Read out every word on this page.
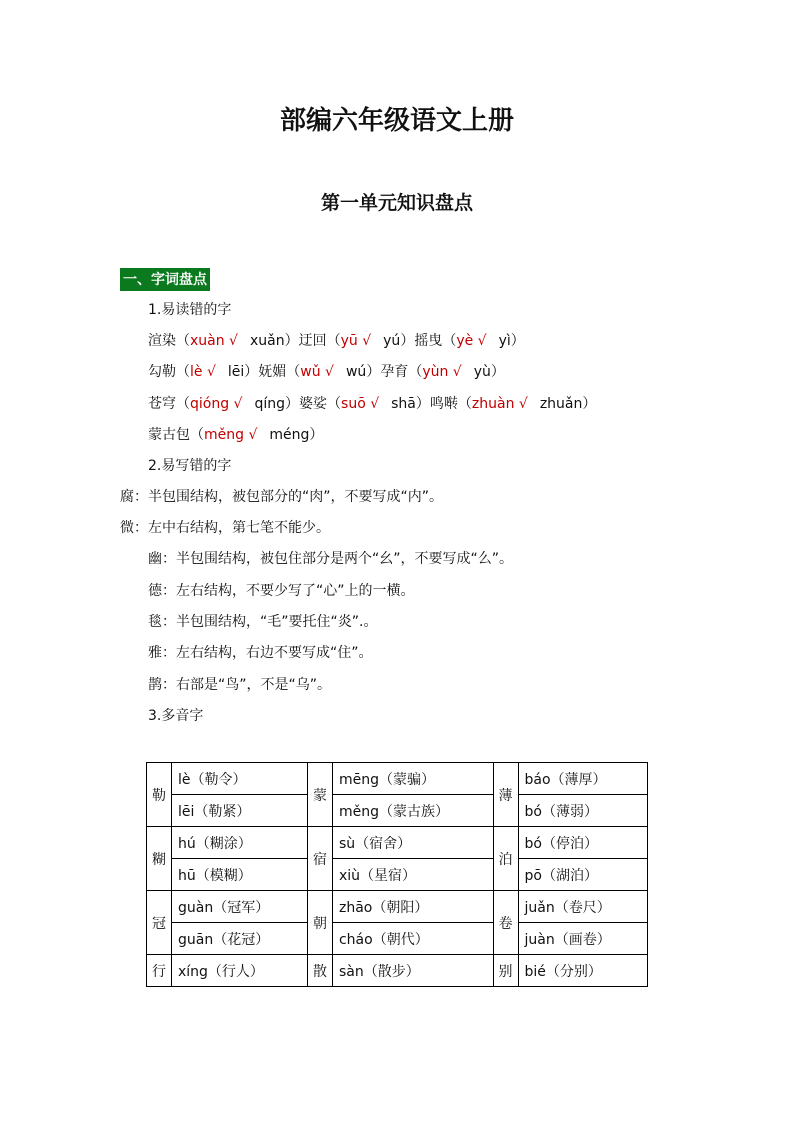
部编六年级语文上册
第一单元知识盘点
一、字词盘点
1.易读错的字
渲染（xuàn √ xuǎn）迂回（yū √ yú）摇曳（yè √ yì）
勾勒（lè √ lēi）妩媚（wǔ √ wú）孕育（yùn √ yù）
苍穹（qióng √ qíng）婆娑（suō √ shā）鸣啭（zhuàn √ zhuǎn）
蒙古包（měng √ méng）
2.易写错的字
腐：半包围结构，被包部分的“肉”，不要写成“内”。
微：左中右结构，第七笔不能少。
幽：半包围结构，被包住部分是两个“幺”，不要写成“么”。
德：左右结构，不要少写了“心”上的一横。
毯：半包围结构，“毛”要托住“炎”.。
雅：左右结构，右边不要写成“住”。
鹊：右部是“鸟”，不是“乌”。
3.多音字
勒	lè（勒令）	蒙	mēng（蒙骗）	薄	báo（薄厚）
	lēi（勒紧）		měng（蒙古族）		bó（薄弱）
糊	hú（糊涂）	宿	sù（宿舍）	泊	bó（停泊）
	hū（模糊）		xiù（星宿）		pō（湖泊）
冠	guàn（冠军）	朝	zhāo（朝阳）	卷	juǎn（卷尺）
	guān（花冠）		cháo（朝代）		juàn（画卷）
行	xíng（行人）	散	sàn（散步）	别	bié（分别）
